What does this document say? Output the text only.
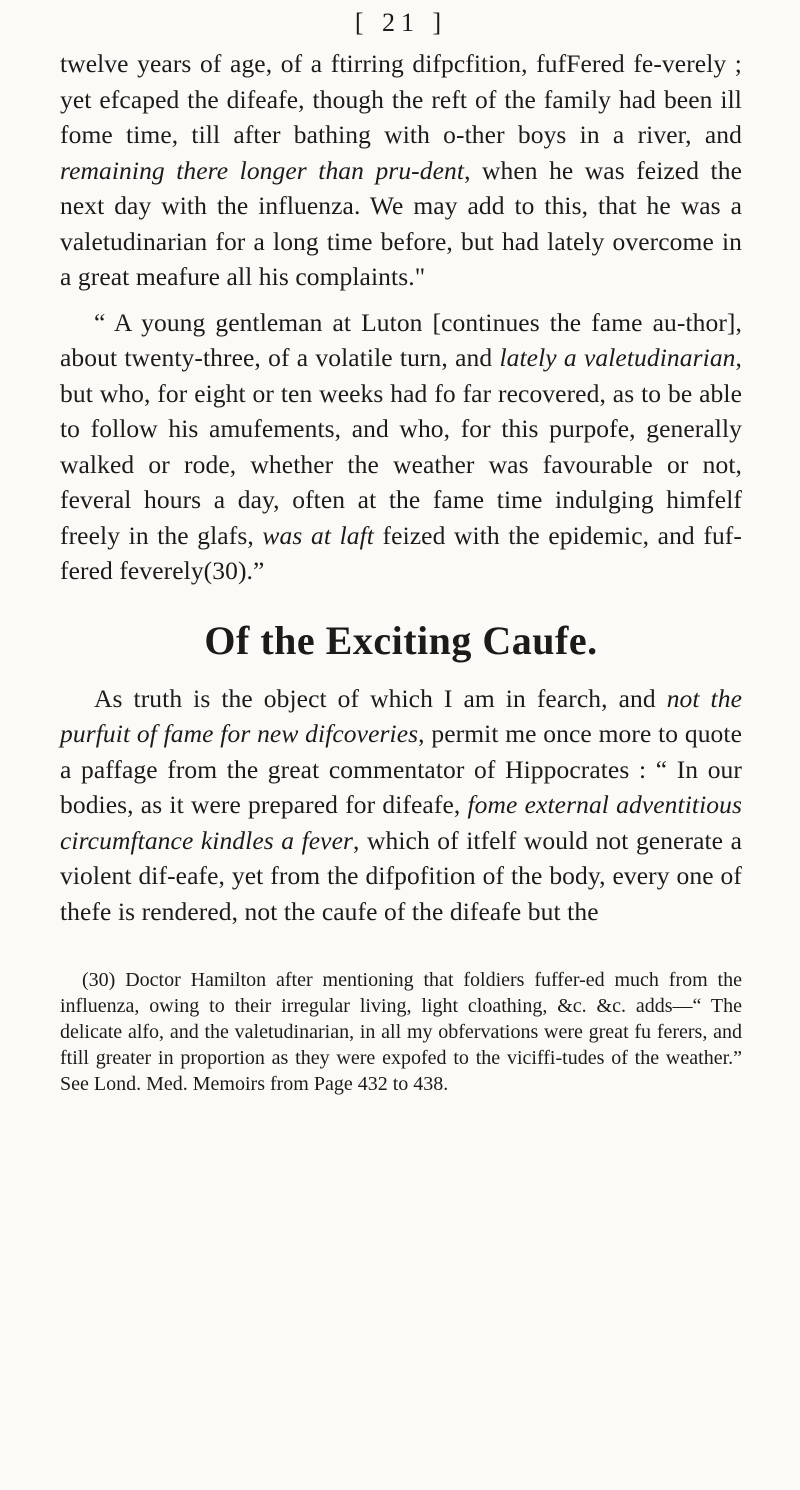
[ 21 ]

twelve years of age, of a ftirring difpcfition, fufFered fe-verely ; yet efcaped the difeafe, though the reft of the family had been ill fome time, till after bathing with o-ther boys in a river, and remaining there longer than pru-dent, when he was feized the next day with the influenza. We may add to this, that he was a valetudinarian for a long time before, but had lately overcome in a great meafure all his complaints."

“ A young gentleman at Luton [continues the fame au-thor], about twenty-three, of a volatile turn, and lately a valetudinarian, but who, for eight or ten weeks had fo far recovered, as to be able to follow his amufements, and who, for this purpofe, generally walked or rode, whether the weather was favourable or not, feveral hours a day, often at the fame time indulging himfelf freely in the glafs, was at laft feized with the epidemic, and fuf-fered feverely(30).”

Of the Exciting Caufe.

As truth is the object of which I am in fearch, and not the purfuit of fame for new difcoveries, permit me once more to quote a paffage from the great commentator of Hippocrates : “ In our bodies, as it were prepared for difeafe, fome external adventitious circumftance kindles a fever, which of itfelf would not generate a violent dif-eafe, yet from the difpofition of the body, every one of thefe is rendered, not the caufe of the difeafe but the

(30) Doctor Hamilton after mentioning that foldiers fuffer-ed much from the influenza, owing to their irregular living, light cloathing, &c. &c. adds—“ The delicate alfo, and the valetudinarian, in all my obfervations were great fu ferers, and ftill greater in proportion as they were expofed to the viciffi-tudes of the weather.” See Lond. Med. Memoirs from Page 432 to 438.
